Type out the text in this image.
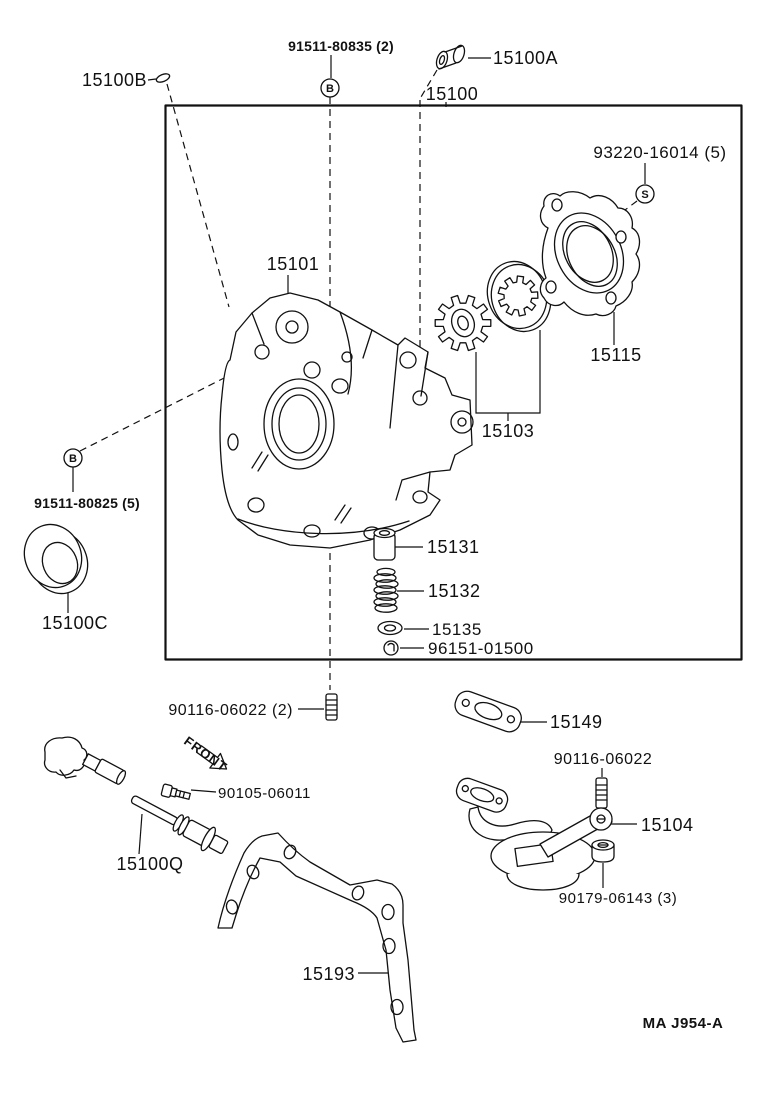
B
B
S
FRONT
15100B
91511-80835 (2)
15100A
15100
93220-16014 (5)
15101
15115
15103
91511-80825 (5)
15100C
15131
15132
15135
96151-01500
90116-06022 (2)
15149
90105-06011
15100Q
90116-06022
15104
90179-06143 (3)
15193
MA J954-A
